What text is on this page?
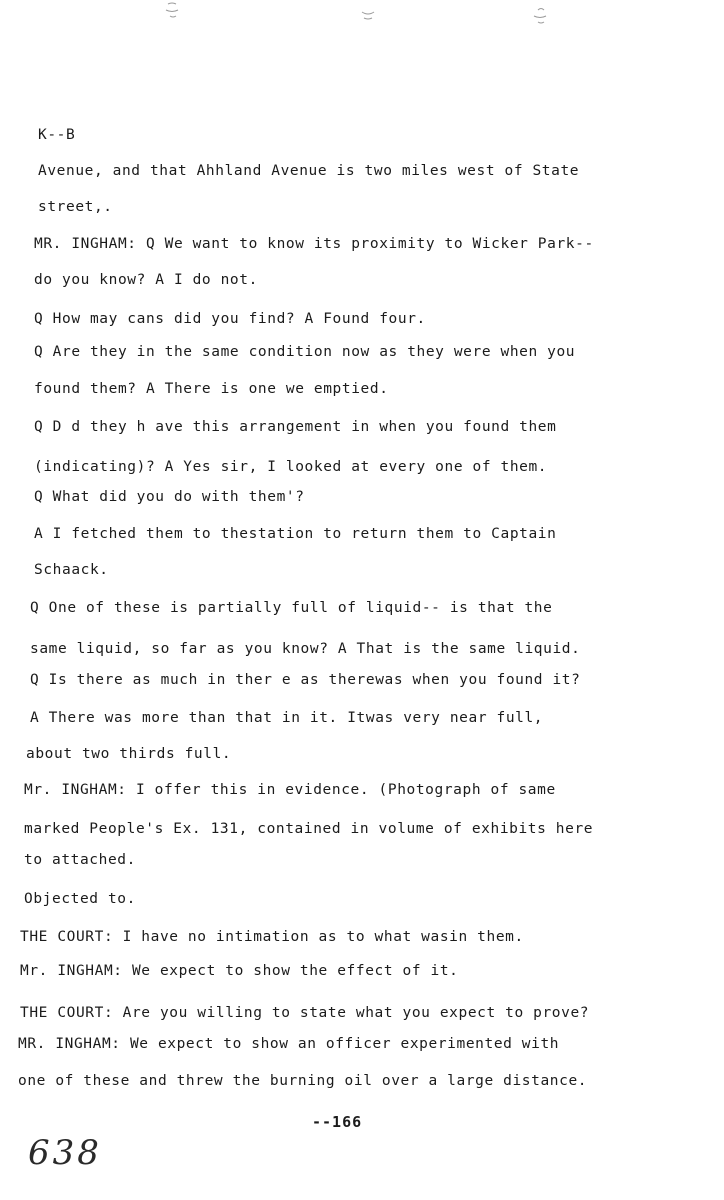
K--B
Avenue, and that Ahhland Avenue is two miles west of State
street,.
MR. INGHAM: Q We want to know its proximity to Wicker Park--
do you know? A I do not.
Q How may cans did you find? A Found four.
Q Are they in the same condition now as they were when you
found them? A There is one we emptied.
Q D d they h ave this arrangement in when you found them
(indicating)? A Yes sir, I looked at every one of them.
Q What did you do with them'?
A I fetched them to thestation to return them to Captain
Schaack.
Q One of these is partially full of liquid-- is that the
same liquid, so far as you know? A That is the same liquid.
Q Is there as much in ther e as therewas when you found it?
A There was more than that in it. Itwas very near full,
about two thirds full.
Mr. INGHAM: I offer this in evidence. (Photograph of same
marked People's Ex. 131, contained in volume of exhibits here
to attached.
Objected to.
THE COURT: I have no intimation as to what wasin them.
Mr. INGHAM: We expect to show the effect of it.
THE COURT: Are you willing to state what you expect to prove?
MR. INGHAM: We expect to show an officer experimented with
one of these and threw the burning oil over a large distance.
--166
638
